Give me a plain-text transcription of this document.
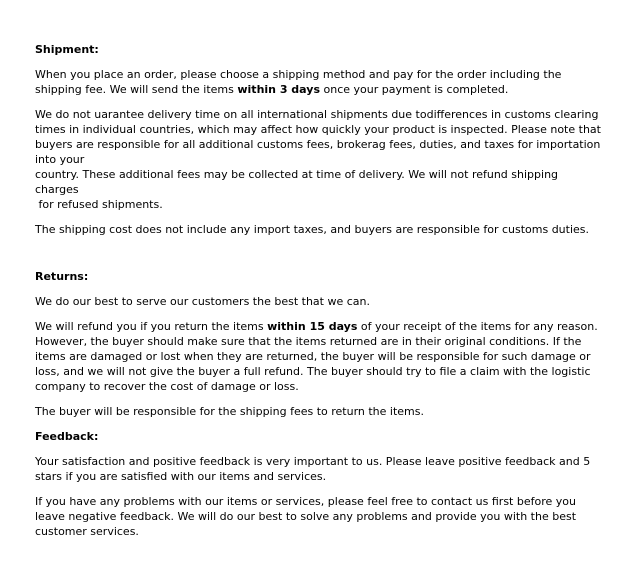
Shipment:

When you place an order, please choose a shipping method and pay for the order including the shipping fee. We will send the items within 3 days once your payment is completed.

We do not uarantee delivery time on all international shipments due todifferences in customs clearing times in individual countries, which may affect how quickly your product is inspected. Please note that buyers are responsible for all additional customs fees, brokerag fees, duties, and taxes for importation into your
country. These additional fees may be collected at time of delivery. We will not refund shipping charges
for refused shipments.

The shipping cost does not include any import taxes, and buyers are responsible for customs duties.

Returns:

We do our best to serve our customers the best that we can.

We will refund you if you return the items within 15 days of your receipt of the items for any reason. However, the buyer should make sure that the items returned are in their original conditions. If the items are damaged or lost when they are returned, the buyer will be responsible for such damage or loss, and we will not give the buyer a full refund. The buyer should try to file a claim with the logistic company to recover the cost of damage or loss.

The buyer will be responsible for the shipping fees to return the items.

Feedback:

Your satisfaction and positive feedback is very important to us. Please leave positive feedback and 5 stars if you are satisfied with our items and services.

If you have any problems with our items or services, please feel free to contact us first before you leave negative feedback. We will do our best to solve any problems and provide you with the best customer services.
